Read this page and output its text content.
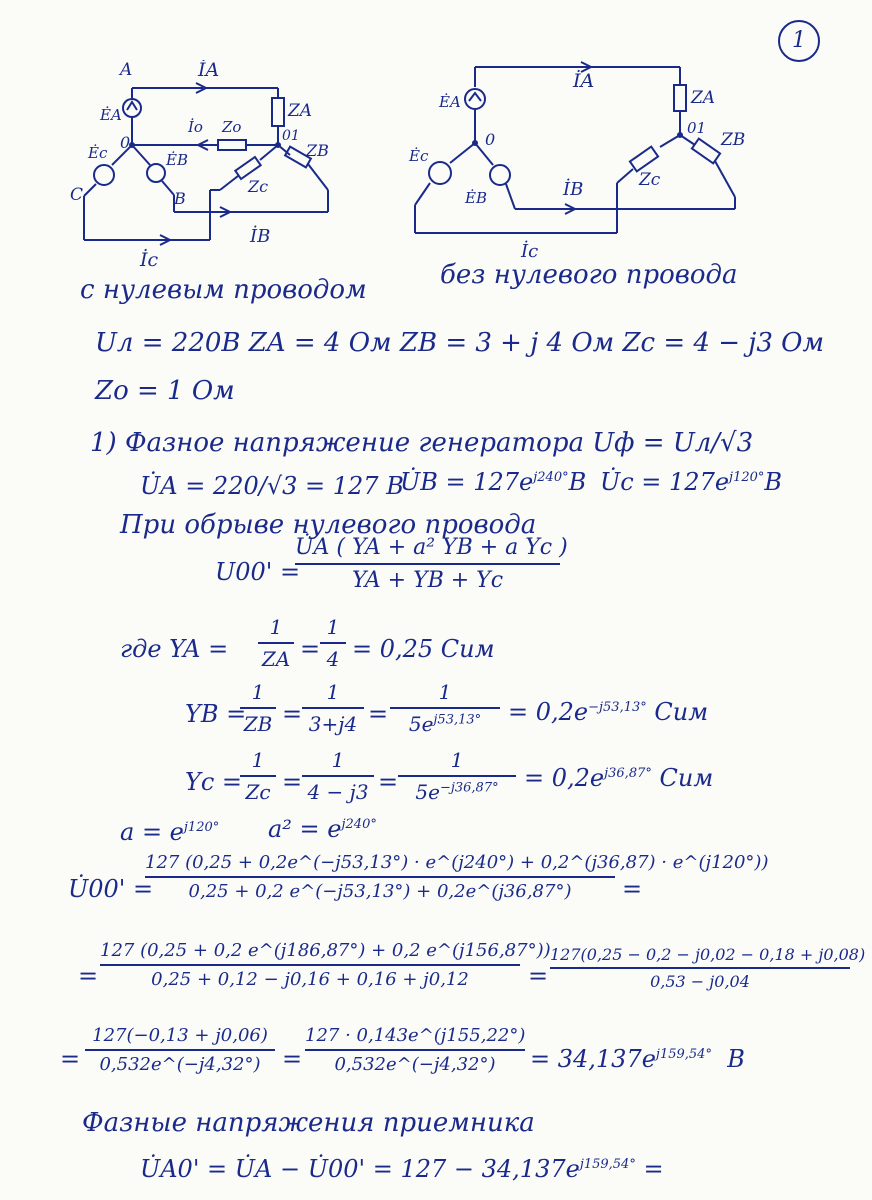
1
A	İA
ĖA	ZA
İo Zo
0	01
ZB
Ėc	ĖB
Zc
C	B
İB
İc
İA
ĖA	ZA
01
ZB
0
Ėc
ĖB
Zc
İB
İc
с нулевым проводом	без нулевого провода
Uл = 220В ZA = 4 Ом ZB = 3 + j 4 Ом Zc = 4 − j3 Ом
Zo = 1 Ом
1) Фазное напряжение генератора Uф = Uл/√3
U̇A = 220/√3 = 127 В
U̇B = $127e^{j240^\circ}В$ U̇c = $127e^{j120^\circ}В$
При обрыве нулевого провода
U00' =
U̇A ( YA + a² YB + a Yc )
YA + YB + Yc
где YA =
1
ZA =
1
4 = 0,25 Сим
YB =
1
ZB =
1
3+j4 =
1
$5e^{j53,13^\circ}$	= $0,2e^{-j53,13^\circ}$ Сим
Yc =
1
Zc =
1
4 − j3 =
1
$5e^{-j36,87^\circ}$	= $0,2e^{j36,87^\circ}$ Сим
$a = e^{j120^\circ}$ $a^2 = e^{j240^\circ}$
U̇00' =
127 (0,25 + 0,2e^(−j53,13°) · e^(j240°) + 0,2^(j36,87) · e^(j120°))
0,25 + 0,2 e^(−j53,13°) + 0,2e^(j36,87°)	=
=
127 (0,25 + 0,2 e^(j186,87°) + 0,2 e^(j156,87°))
0,25 + 0,12 − j0,16 + 0,16 + j0,12	=
127(0,25 − 0,2 − j0,02 − 0,18 + j0,08)
0,53 − j0,04
=
127(−0,13 + j0,06)
0,532e^(−j4,32°) =
127 · 0,143e^(j155,22°)
0,532e^(−j4,32°)	= $34,137e^{j159,54^\circ}$ В
Фазные напряжения приемника
U̇A0' = U̇A − U̇00' = $127 - 34,137e^{j159,54^\circ}$ =
